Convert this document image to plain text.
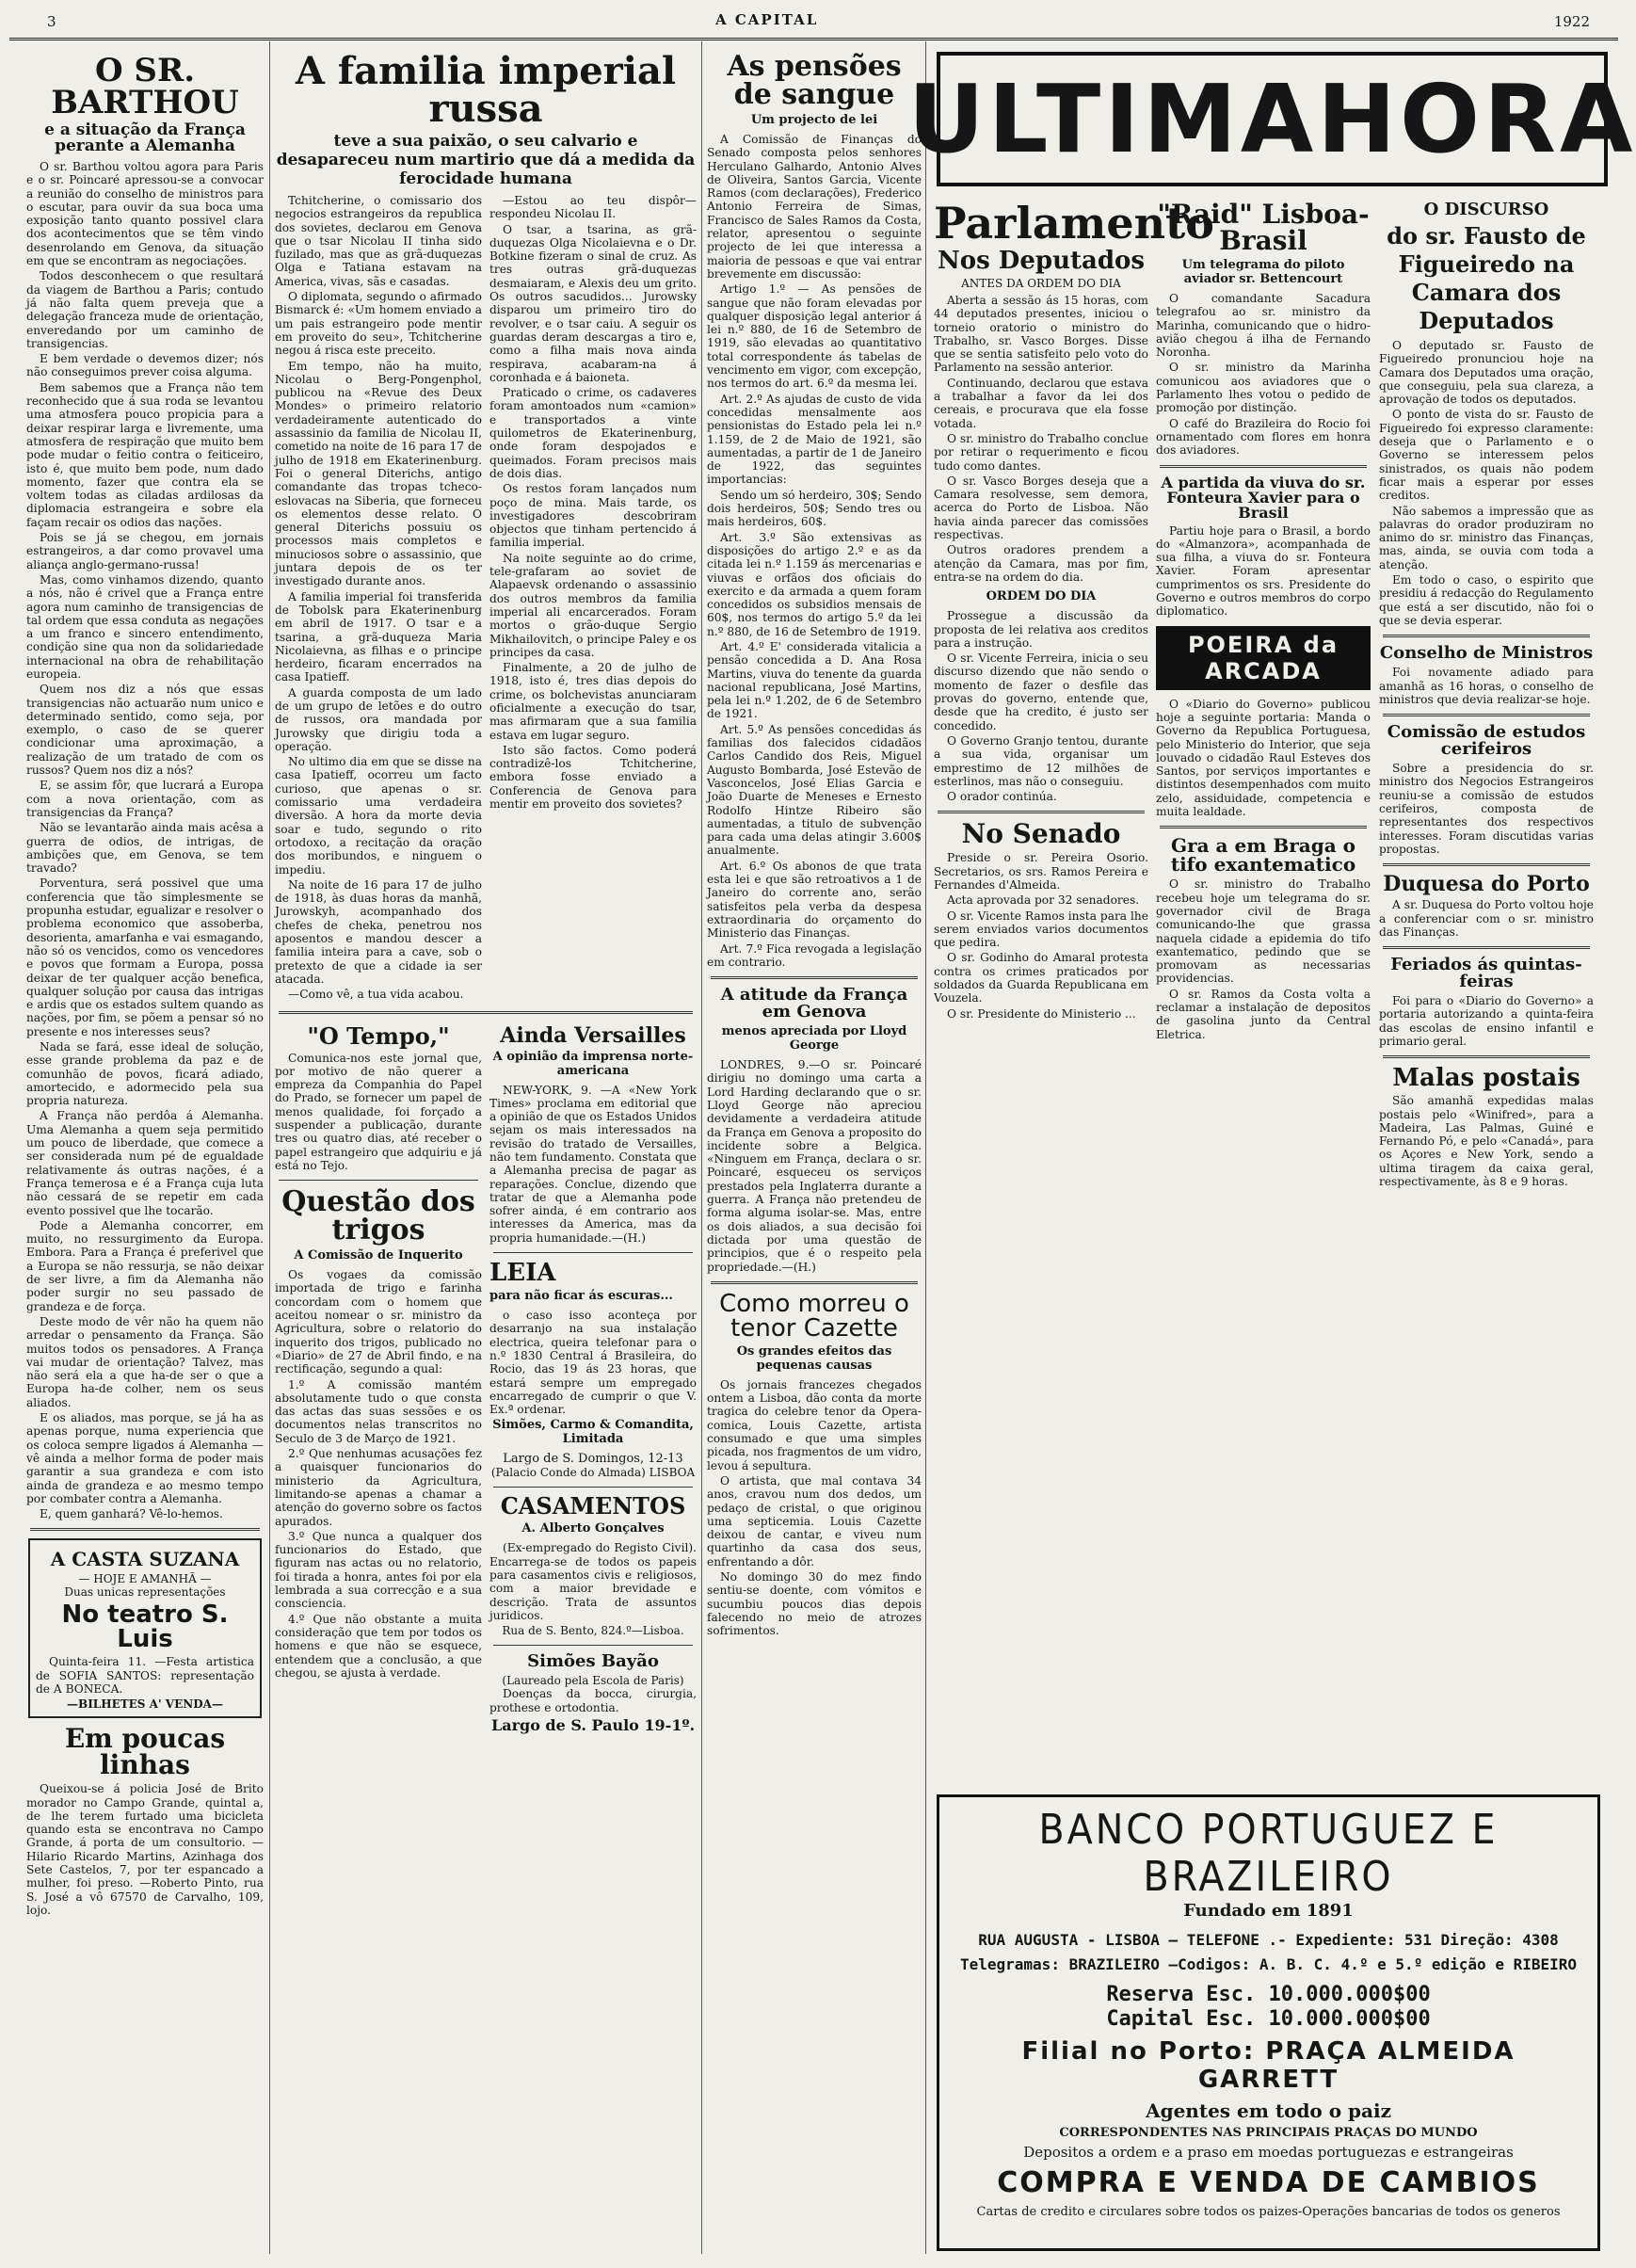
3	A CAPITAL	1922
O SR. BARTHOU
e a situação da França perante a Alemanha

O sr. Barthou voltou agora para Paris e o sr. Poincaré apressou-se a convocar a reunião do conselho de ministros para o escutar, para ouvir da sua boca uma exposição tanto quanto possivel clara dos acontecimentos que se têm vindo desenrolando em Genova, da situação em que se encontram as negociações.

Todos desconhecem o que resultará da viagem de Barthou a Paris; contudo já não falta quem preveja que a delegação franceza mude de orientação, enveredando por um caminho de transigencias.

E bem verdade o devemos dizer; nós não conseguimos prever coisa alguma.

Bem sabemos que a França não tem reconhecido que á sua roda se levantou uma atmosfera pouco propicia para a deixar respirar larga e livremente, uma atmosfera de respiração que muito bem pode mudar o feitio contra o feiticeiro, isto é, que muito bem pode, num dado momento, fazer que contra ela se voltem todas as ciladas ardilosas da diplomacia estrangeira e sobre ela façam recair os odios das nações.

Pois se já se chegou, em jornais estrangeiros, a dar como provavel uma aliança anglo-germano-russa!

Mas, como vinhamos dizendo, quanto a nós, não é crivel que a França entre agora num caminho de transigencias de tal ordem que essa conduta as negações a um franco e sincero entendimento, condição sine qua non da solidariedade internacional na obra de rehabilitação europeia.

Quem nos diz a nós que essas transigencias não actuarão num unico e determinado sentido, como seja, por exemplo, o caso de se querer condicionar uma aproximação, a realização de um tratado de com os russos? Quem nos diz a nós?

E, se assim fôr, que lucrará a Europa com a nova orientação, com as transigencias da França?

Não se levantarão ainda mais acêsa a guerra de odios, de intrigas, de ambições que, em Genova, se tem travado?

Porventura, será possivel que uma conferencia que tão simplesmente se propunha estudar, egualizar e resolver o problema economico que assoberba, desorienta, amarfanha e vai esmagando, não só os vencidos, como os vencedores e povos que formam a Europa, possa deixar de ter qualquer acção benefica, qualquer solução por causa das intrigas e ardis que os estados sultem quando as nações, por fim, se põem a pensar só no presente e nos interesses seus?

Nada se fará, esse ideal de solução, esse grande problema da paz e de comunhão de povos, ficará adiado, amortecido, e adormecido pela sua propria natureza.

A França não perdôa á Alemanha. Uma Alemanha a quem seja permitido um pouco de liberdade, que comece a ser considerada num pé de egualdade relativamente ás outras nações, é a França temerosa e é a França cuja luta não cessará de se repetir em cada evento possivel que lhe tocarão.

Pode a Alemanha concorrer, em muito, no ressurgimento da Europa. Embora. Para a França é preferivel que a Europa se não ressurja, se não deixar de ser livre, a fim da Alemanha não poder surgir no seu passado de grandeza e de força.

Deste modo de vêr não ha quem não arredar o pensamento da França. São muitos todos os pensadores. A França vai mudar de orientação? Talvez, mas não será ela a que ha-de ser o que a Europa ha-de colher, nem os seus aliados.

E os aliados, mas porque, se já ha as apenas porque, numa experiencia que os coloca sempre ligados á Alemanha — vê ainda a melhor forma de poder mais garantir a sua grandeza e com isto ainda de grandeza e ao mesmo tempo por combater contra a Alemanha.

E, quem ganhará? Vê-lo-hemos.

A CASTA SUZANA
— HOJE E AMANHÃ —
Duas unicas representações
No teatro S. Luis

Quinta-feira 11. —Festa artistica de SOFIA SANTOS: representação de A BONECA.

—BILHETES A' VENDA—
Em poucas linhas

Queixou-se á policia José de Brito morador no Campo Grande, quintal a, de lhe terem furtado uma bicicleta quando esta se encontrava no Campo Grande, á porta de um consultorio. —Hilario Ricardo Martins, Azinhaga dos Sete Castelos, 7, por ter espancado a mulher, foi preso. —Roberto Pinto, rua S. José a vô 67570 de Carvalho, 109, lojo.

A familia imperial russa
teve a sua paixão, o seu calvario e desapareceu num martirio que dá a medida da ferocidade humana

Tchitcherine, o comissario dos negocios estrangeiros da republica dos sovietes, declarou em Genova que o tsar Nicolau II tinha sido fuzilado, mas que as grã-duquezas Olga e Tatiana estavam na America, vivas, sãs e casadas.

O diplomata, segundo o afirmado Bismarck é: «Um homem enviado a um pais estrangeiro pode mentir em proveito do seu», Tchitcherine negou á risca este preceito.

Em tempo, não ha muito, Nicolau o Berg-Pongenphol, publicou na «Revue des Deux Mondes» o primeiro relatorio verdadeiramente autenticado do assassinio da familia de Nicolau II, cometido na noite de 16 para 17 de julho de 1918 em Ekaterinenburg. Foi o general Diterichs, antigo comandante das tropas tcheco-eslovacas na Siberia, que forneceu os elementos desse relato. O general Diterichs possuiu os processos mais completos e minuciosos sobre o assassinio, que juntara depois de os ter investigado durante anos.

A familia imperial foi transferida de Tobolsk para Ekaterinenburg em abril de 1917. O tsar e a tsarina, a grã-duqueza Maria Nicolaievna, as filhas e o principe herdeiro, ficaram encerrados na casa Ipatieff.

A guarda composta de um lado de um grupo de letões e do outro de russos, ora mandada por Jurowsky que dirigiu toda a operação.

No ultimo dia em que se disse na casa Ipatieff, ocorreu um facto curioso, que apenas o sr. comissario uma verdadeira diversão. A hora da morte devia soar e tudo, segundo o rito ortodoxo, a recitação da oração dos moribundos, e ninguem o impediu.

Na noite de 16 para 17 de julho de 1918, às duas horas da manhã, Jurowskyh, acompanhado dos chefes de cheka, penetrou nos aposentos e mandou descer a familia inteira para a cave, sob o pretexto de que a cidade ia ser atacada.

—Como vê, a tua vida acabou.

—Estou ao teu dispôr—respondeu Nicolau II.

O tsar, a tsarina, as grã-duquezas Olga Nicolaievna e o Dr. Botkine fizeram o sinal de cruz. As tres outras grã-duquezas desmaiaram, e Alexis deu um grito. Os outros sacudidos... Jurowsky disparou um primeiro tiro do revolver, e o tsar caiu. A seguir os guardas deram descargas a tiro e, como a filha mais nova ainda respirava, acabaram-na á coronhada e á baioneta.

Praticado o crime, os cadaveres foram amontoados num «camion» e transportados a vinte quilometros de Ekaterinenburg, onde foram despojados e queimados. Foram precisos mais de dois dias.

Os restos foram lançados num poço de mina. Mais tarde, os investigadores descobriram objectos que tinham pertencido á familia imperial.

Na noite seguinte ao do crime, tele-grafaram ao soviet de Alapaevsk ordenando o assassinio dos outros membros da familia imperial ali encarcerados. Foram mortos o grão-duque Sergio Mikhailovitch, o principe Paley e os principes da casa.

Finalmente, a 20 de julho de 1918, isto é, tres dias depois do crime, os bolchevistas anunciaram oficialmente a execução do tsar, mas afirmaram que a sua familia estava em lugar seguro.

Isto são factos. Como poderá contradizê-los Tchitcherine, embora fosse enviado a Conferencia de Genova para mentir em proveito dos sovietes?

"O Tempo,"

Comunica-nos este jornal que, por motivo de não querer a empreza da Companhia do Papel do Prado, se fornecer um papel de menos qualidade, foi forçado a suspender a publicação, durante tres ou quatro dias, até receber o papel estrangeiro que adquiriu e já está no Tejo.

Questão dos trigos
A Comissão de Inquerito

Os vogaes da comissão importada de trigo e farinha concordam com o homem que aceitou nomear o sr. ministro da Agricultura, sobre o relatorio do inquerito dos trigos, publicado no «Diario» de 27 de Abril findo, e na rectificação, segundo a qual:

1.º A comissão mantém absolutamente tudo o que consta das actas das suas sessões e os documentos nelas transcritos no Seculo de 3 de Março de 1921.

2.º Que nenhumas acusações fez a quaisquer funcionarios do ministerio da Agricultura, limitando-se apenas a chamar a atenção do governo sobre os factos apurados.

3.º Que nunca a qualquer dos funcionarios do Estado, que figuram nas actas ou no relatorio, foi tirada a honra, antes foi por ela lembrada a sua correcção e a sua consciencia.

4.º Que não obstante a muita consideração que tem por todos os homens e que não se esquece, entendem que a conclusão, a que chegou, se ajusta à verdade.

Ainda Versailles
A opinião da imprensa norte-americana

NEW-YORK, 9. —A «New York Times» proclama em editorial que a opinião de que os Estados Unidos sejam os mais interessados na revisão do tratado de Versailles, não tem fundamento. Constata que a Alemanha precisa de pagar as reparações. Conclue, dizendo que tratar de que a Alemanha pode sofrer ainda, é em contrario aos interesses da America, mas da propria humanidade.—(H.)

LEIA
para não ficar ás escuras...

o caso isso aconteça por desarranjo na sua instalação electrica, queira telefonar para o n.º 1830 Central á Brasileira, do Rocio, das 19 ás 23 horas, que estará sempre um empregado encarregado de cumprir o que V. Ex.ª ordenar.

Simões, Carmo & Comandita, Limitada
Largo de S. Domingos, 12-13
(Palacio Conde do Almada) LISBOA
CASAMENTOS
A. Alberto Gonçalves

(Ex-empregado do Registo Civil). Encarrega-se de todos os papeis para casamentos civis e religiosos, com a maior brevidade e descrição. Trata de assuntos juridicos.

Rua de S. Bento, 824.º—Lisboa.
Simões Bayão
(Laureado pela Escola de Paris)

Doenças da bocca, cirurgia, prothese e ortodontia.

Largo de S. Paulo 19-1º.
As pensões de sangue
Um projecto de lei

A Comissão de Finanças do Senado composta pelos senhores Herculano Galhardo, Antonio Alves de Oliveira, Santos Garcia, Vicente Ramos (com declarações), Frederico Antonio Ferreira de Simas, Francisco de Sales Ramos da Costa, relator, apresentou o seguinte projecto de lei que interessa a maioria de pessoas e que vai entrar brevemente em discussão:

Artigo 1.º — As pensões de sangue que não foram elevadas por qualquer disposição legal anterior á lei n.º 880, de 16 de Setembro de 1919, são elevadas ao quantitativo total correspondente ás tabelas de vencimento em vigor, com excepção, nos termos do art. 6.º da mesma lei.

Art. 2.º As ajudas de custo de vida concedidas mensalmente aos pensionistas do Estado pela lei n.º 1.159, de 2 de Maio de 1921, são aumentadas, a partir de 1 de Janeiro de 1922, das seguintes importancias:

Sendo um só herdeiro, 30$; Sendo dois herdeiros, 50$; Sendo tres ou mais herdeiros, 60$.

Art. 3.º São extensivas as disposições do artigo 2.º e as da citada lei n.º 1.159 ás mercenarias e viuvas e orfãos dos oficiais do exercito e da armada a quem foram concedidos os subsidios mensais de 60$, nos termos do artigo 5.º da lei n.º 880, de 16 de Setembro de 1919.

Art. 4.º E' considerada vitalicia a pensão concedida a D. Ana Rosa Martins, viuva do tenente da guarda nacional republicana, José Martins, pela lei n.º 1.202, de 6 de Setembro de 1921.

Art. 5.º As pensões concedidas ás familias dos falecidos cidadãos Carlos Candido dos Reis, Miguel Augusto Bombarda, José Estevão de Vasconcelos, José Elias Garcia e João Duarte de Meneses e Ernesto Rodolfo Hintze Ribeiro são aumentadas, a titulo de subvenção para cada uma delas atingir 3.600$ anualmente.

Art. 6.º Os abonos de que trata esta lei e que são retroativos a 1 de Janeiro do corrente ano, serão satisfeitos pela verba da despesa extraordinaria do orçamento do Ministerio das Finanças.

Art. 7.º Fica revogada a legislação em contrario.

A atitude da França em Genova
menos apreciada por Lloyd George

LONDRES, 9.—O sr. Poincaré dirigiu no domingo uma carta a Lord Harding declarando que o sr. Lloyd George não apreciou devidamente a verdadeira atitude da França em Genova a proposito do incidente sobre a Belgica. «Ninguem em França, declara o sr. Poincaré, esqueceu os serviços prestados pela Inglaterra durante a guerra. A França não pretendeu de forma alguma isolar-se. Mas, entre os dois aliados, a sua decisão foi dictada por uma questão de principios, que é o respeito pela propriedade.—(H.)

Como morreu o tenor Cazette
Os grandes efeitos das pequenas causas

Os jornais francezes chegados ontem a Lisboa, dão conta da morte tragica do celebre tenor da Opera-comica, Louis Cazette, artista consumado e que uma simples picada, nos fragmentos de um vidro, levou á sepultura.

O artista, que mal contava 34 anos, cravou num dos dedos, um pedaço de cristal, o que originou uma septicemia. Louis Cazette deixou de cantar, e viveu num quartinho da casa dos seus, enfrentando a dôr.

No domingo 30 do mez findo sentiu-se doente, com vómitos e sucumbiu poucos dias depois falecendo no meio de atrozes sofrimentos.

ULTIMAHORA
Parlamento
Nos Deputados
ANTES DA ORDEM DO DIA

Aberta a sessão ás 15 horas, com 44 deputados presentes, iniciou o torneio oratorio o ministro do Trabalho, sr. Vasco Borges. Disse que se sentia satisfeito pelo voto do Parlamento na sessão anterior.

Continuando, declarou que estava a trabalhar a favor da lei dos cereais, e procurava que ela fosse votada.

O sr. ministro do Trabalho conclue por retirar o requerimento e ficou tudo como dantes.

O sr. Vasco Borges deseja que a Camara resolvesse, sem demora, acerca do Porto de Lisboa. Não havia ainda parecer das comissões respectivas.

Outros oradores prendem a atenção da Camara, mas por fim, entra-se na ordem do dia.

ORDEM DO DIA

Prossegue a discussão da proposta de lei relativa aos creditos para a instrução.

O sr. Vicente Ferreira, inicia o seu discurso dizendo que não sendo o momento de fazer o desfile das provas do governo, entende que, desde que ha credito, é justo ser concedido.

O Governo Granjo tentou, durante a sua vida, organisar um emprestimo de 12 milhões de esterlinos, mas não o conseguiu.

O orador continúa.

No Senado

Preside o sr. Pereira Osorio. Secretarios, os srs. Ramos Pereira e Fernandes d'Almeida.

Acta aprovada por 32 senadores.

O sr. Vicente Ramos insta para lhe serem enviados varios documentos que pedira.

O sr. Godinho do Amaral protesta contra os crimes praticados por soldados da Guarda Republicana em Vouzela.

O sr. Presidente do Ministerio ...

"Raid" Lisboa-Brasil
Um telegrama do piloto aviador sr. Bettencourt

O comandante Sacadura telegrafou ao sr. ministro da Marinha, comunicando que o hidro-avião chegou á ilha de Fernando Noronha.

O sr. ministro da Marinha comunicou aos aviadores que o Parlamento lhes votou o pedido de promoção por distinção.

O café do Brazileira do Rocio foi ornamentado com flores em honra dos aviadores.

A partida da viuva do sr. Fonteura Xavier para o Brasil

Partiu hoje para o Brasil, a bordo do «Almanzora», acompanhada de sua filha, a viuva do sr. Fonteura Xavier. Foram apresentar cumprimentos os srs. Presidente do Governo e outros membros do corpo diplomatico.

POEIRA da ARCADA

O «Diario do Governo» publicou hoje a seguinte portaria: Manda o Governo da Republica Portuguesa, pelo Ministerio do Interior, que seja louvado o cidadão Raul Esteves dos Santos, por serviços importantes e distintos desempenhados com muito zelo, assiduidade, competencia e muita lealdade.

Gra a em Braga o tifo exantematico

O sr. ministro do Trabalho recebeu hoje um telegrama do sr. governador civil de Braga comunicando-lhe que grassa naquela cidade a epidemia do tifo exantematico, pedindo que se promovam as necessarias providencias.

O sr. Ramos da Costa volta a reclamar a instalação de depositos de gasolina junto da Central Eletrica.

O DISCURSO
do sr. Fausto de Figueiredo na Camara dos Deputados

O deputado sr. Fausto de Figueiredo pronunciou hoje na Camara dos Deputados uma oração, que conseguiu, pela sua clareza, a aprovação de todos os deputados.

O ponto de vista do sr. Fausto de Figueiredo foi expresso claramente: deseja que o Parlamento e o Governo se interessem pelos sinistrados, os quais não podem ficar mais a esperar por esses creditos.

Não sabemos a impressão que as palavras do orador produziram no animo do sr. ministro das Finanças, mas, ainda, se ouvia com toda a atenção.

Em todo o caso, o espirito que presidiu á redacção do Regulamento que está a ser discutido, não foi o que se devia esperar.

Conselho de Ministros

Foi novamente adiado para amanhã as 16 horas, o conselho de ministros que devia realizar-se hoje.

Comissão de estudos cerifeiros

Sobre a presidencia do sr. ministro dos Negocios Estrangeiros reuniu-se a comissão de estudos cerifeiros, composta de representantes dos respectivos interesses. Foram discutidas varias propostas.

Duquesa do Porto

A sr. Duquesa do Porto voltou hoje a conferenciar com o sr. ministro das Finanças.

Feriados ás quintas-feiras

Foi para o «Diario do Governo» a portaria autorizando a quinta-feira das escolas de ensino infantil e primario geral.

Malas postais

São amanhã expedidas malas postais pelo «Winifred», para a Madeira, Las Palmas, Guiné e Fernando Pó, e pelo «Canadá», para os Açores e New York, sendo a ultima tiragem da caixa geral, respectivamente, às 8 e 9 horas.

BANCO PORTUGUEZ E BRAZILEIRO
Fundado em 1891
RUA AUGUSTA - LISBOA — TELEFONE .- Expediente: 531 Direção: 4308
Telegramas: BRAZILEIRO —Codigos: A. B. C. 4.º e 5.º edição e RIBEIRO
Reserva Esc. 10.000.000$00
Capital Esc. 10.000.000$00
Filial no Porto: PRAÇA ALMEIDA GARRETT
Agentes em todo o paiz
CORRESPONDENTES NAS PRINCIPAIS PRAÇAS DO MUNDO
Depositos a ordem e a praso em moedas portuguezas e estrangeiras
COMPRA E VENDA DE CAMBIOS
Cartas de credito e circulares sobre todos os paizes-Operações bancarias de todos os generos
